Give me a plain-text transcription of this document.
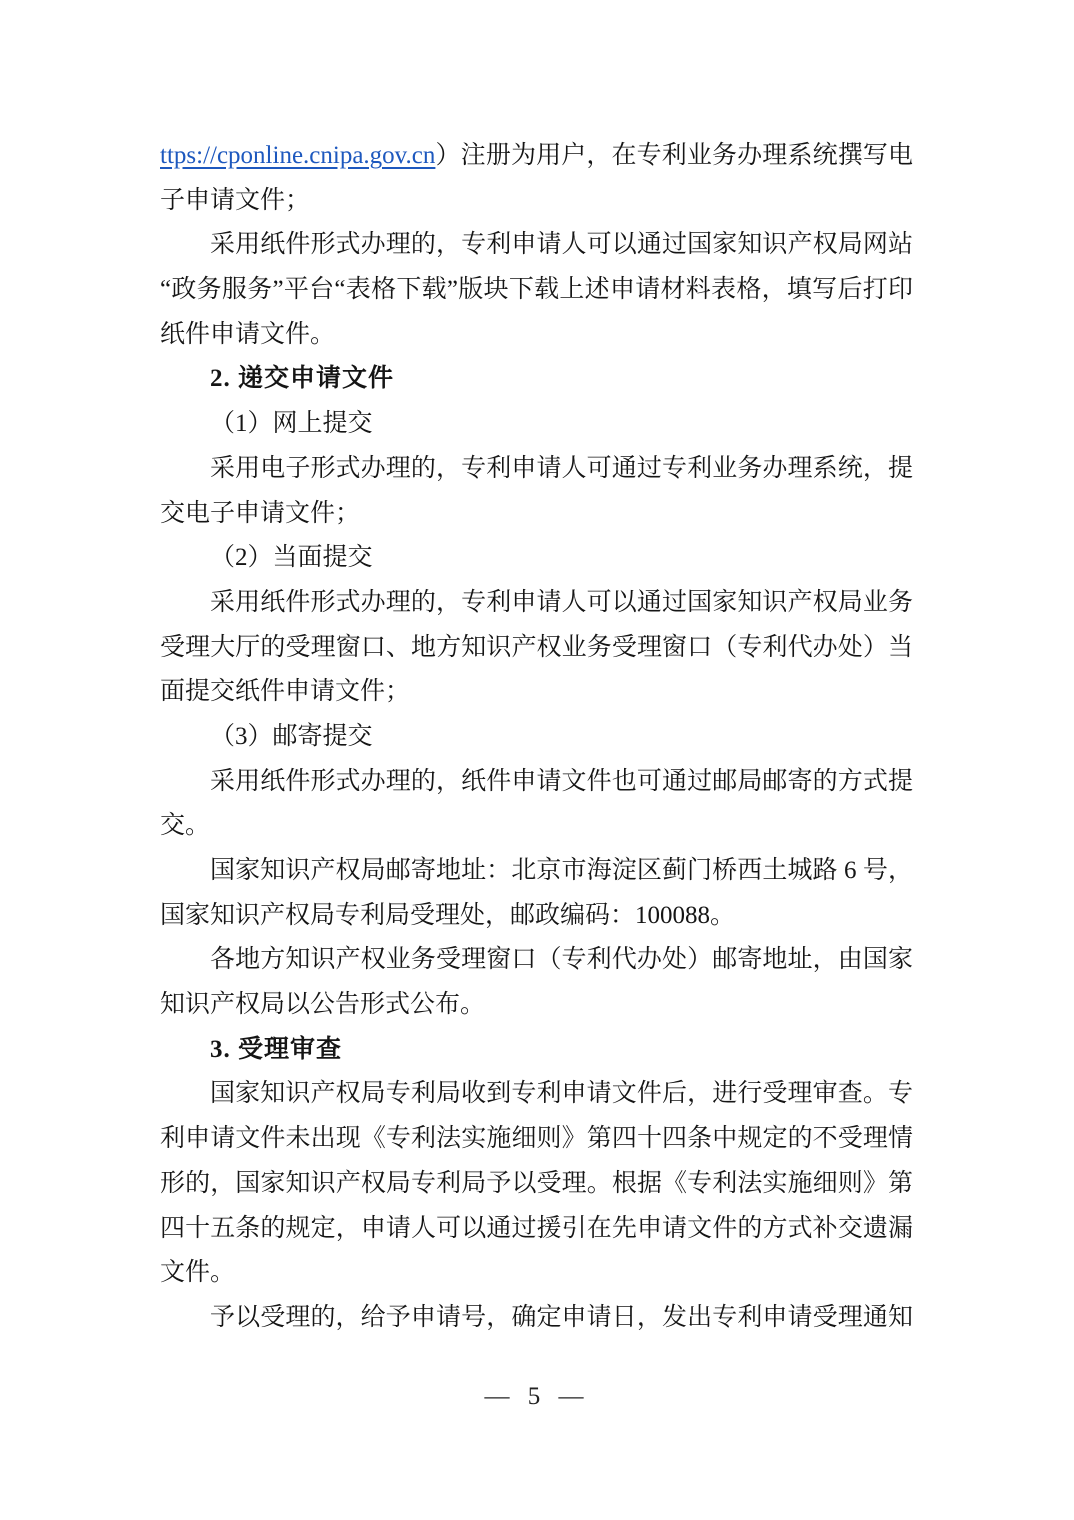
ttps://cponline.cnipa.gov.cn）注册为用户，在专利业务办理系统撰写电
子申请文件；
采用纸件形式办理的，专利申请人可以通过国家知识产权局网站
“政务服务”平台“表格下载”版块下载上述申请材料表格，填写后打印
纸件申请文件。
2. 递交申请文件
（1）网上提交
采用电子形式办理的，专利申请人可通过专利业务办理系统，提
交电子申请文件；
（2）当面提交
采用纸件形式办理的，专利申请人可以通过国家知识产权局业务
受理大厅的受理窗口、地方知识产权业务受理窗口（专利代办处）当
面提交纸件申请文件；
（3）邮寄提交
采用纸件形式办理的，纸件申请文件也可通过邮局邮寄的方式提
交。
国家知识产权局邮寄地址：北京市海淀区蓟门桥西土城路 6 号，
国家知识产权局专利局受理处，邮政编码：100088。
各地方知识产权业务受理窗口（专利代办处）邮寄地址，由国家
知识产权局以公告形式公布。
3. 受理审查
国家知识产权局专利局收到专利申请文件后，进行受理审查。专
利申请文件未出现《专利法实施细则》第四十四条中规定的不受理情
形的，国家知识产权局专利局予以受理。根据《专利法实施细则》第
四十五条的规定，申请人可以通过援引在先申请文件的方式补交遗漏
文件。
予以受理的，给予申请号，确定申请日，发出专利申请受理通知
— 5 —
